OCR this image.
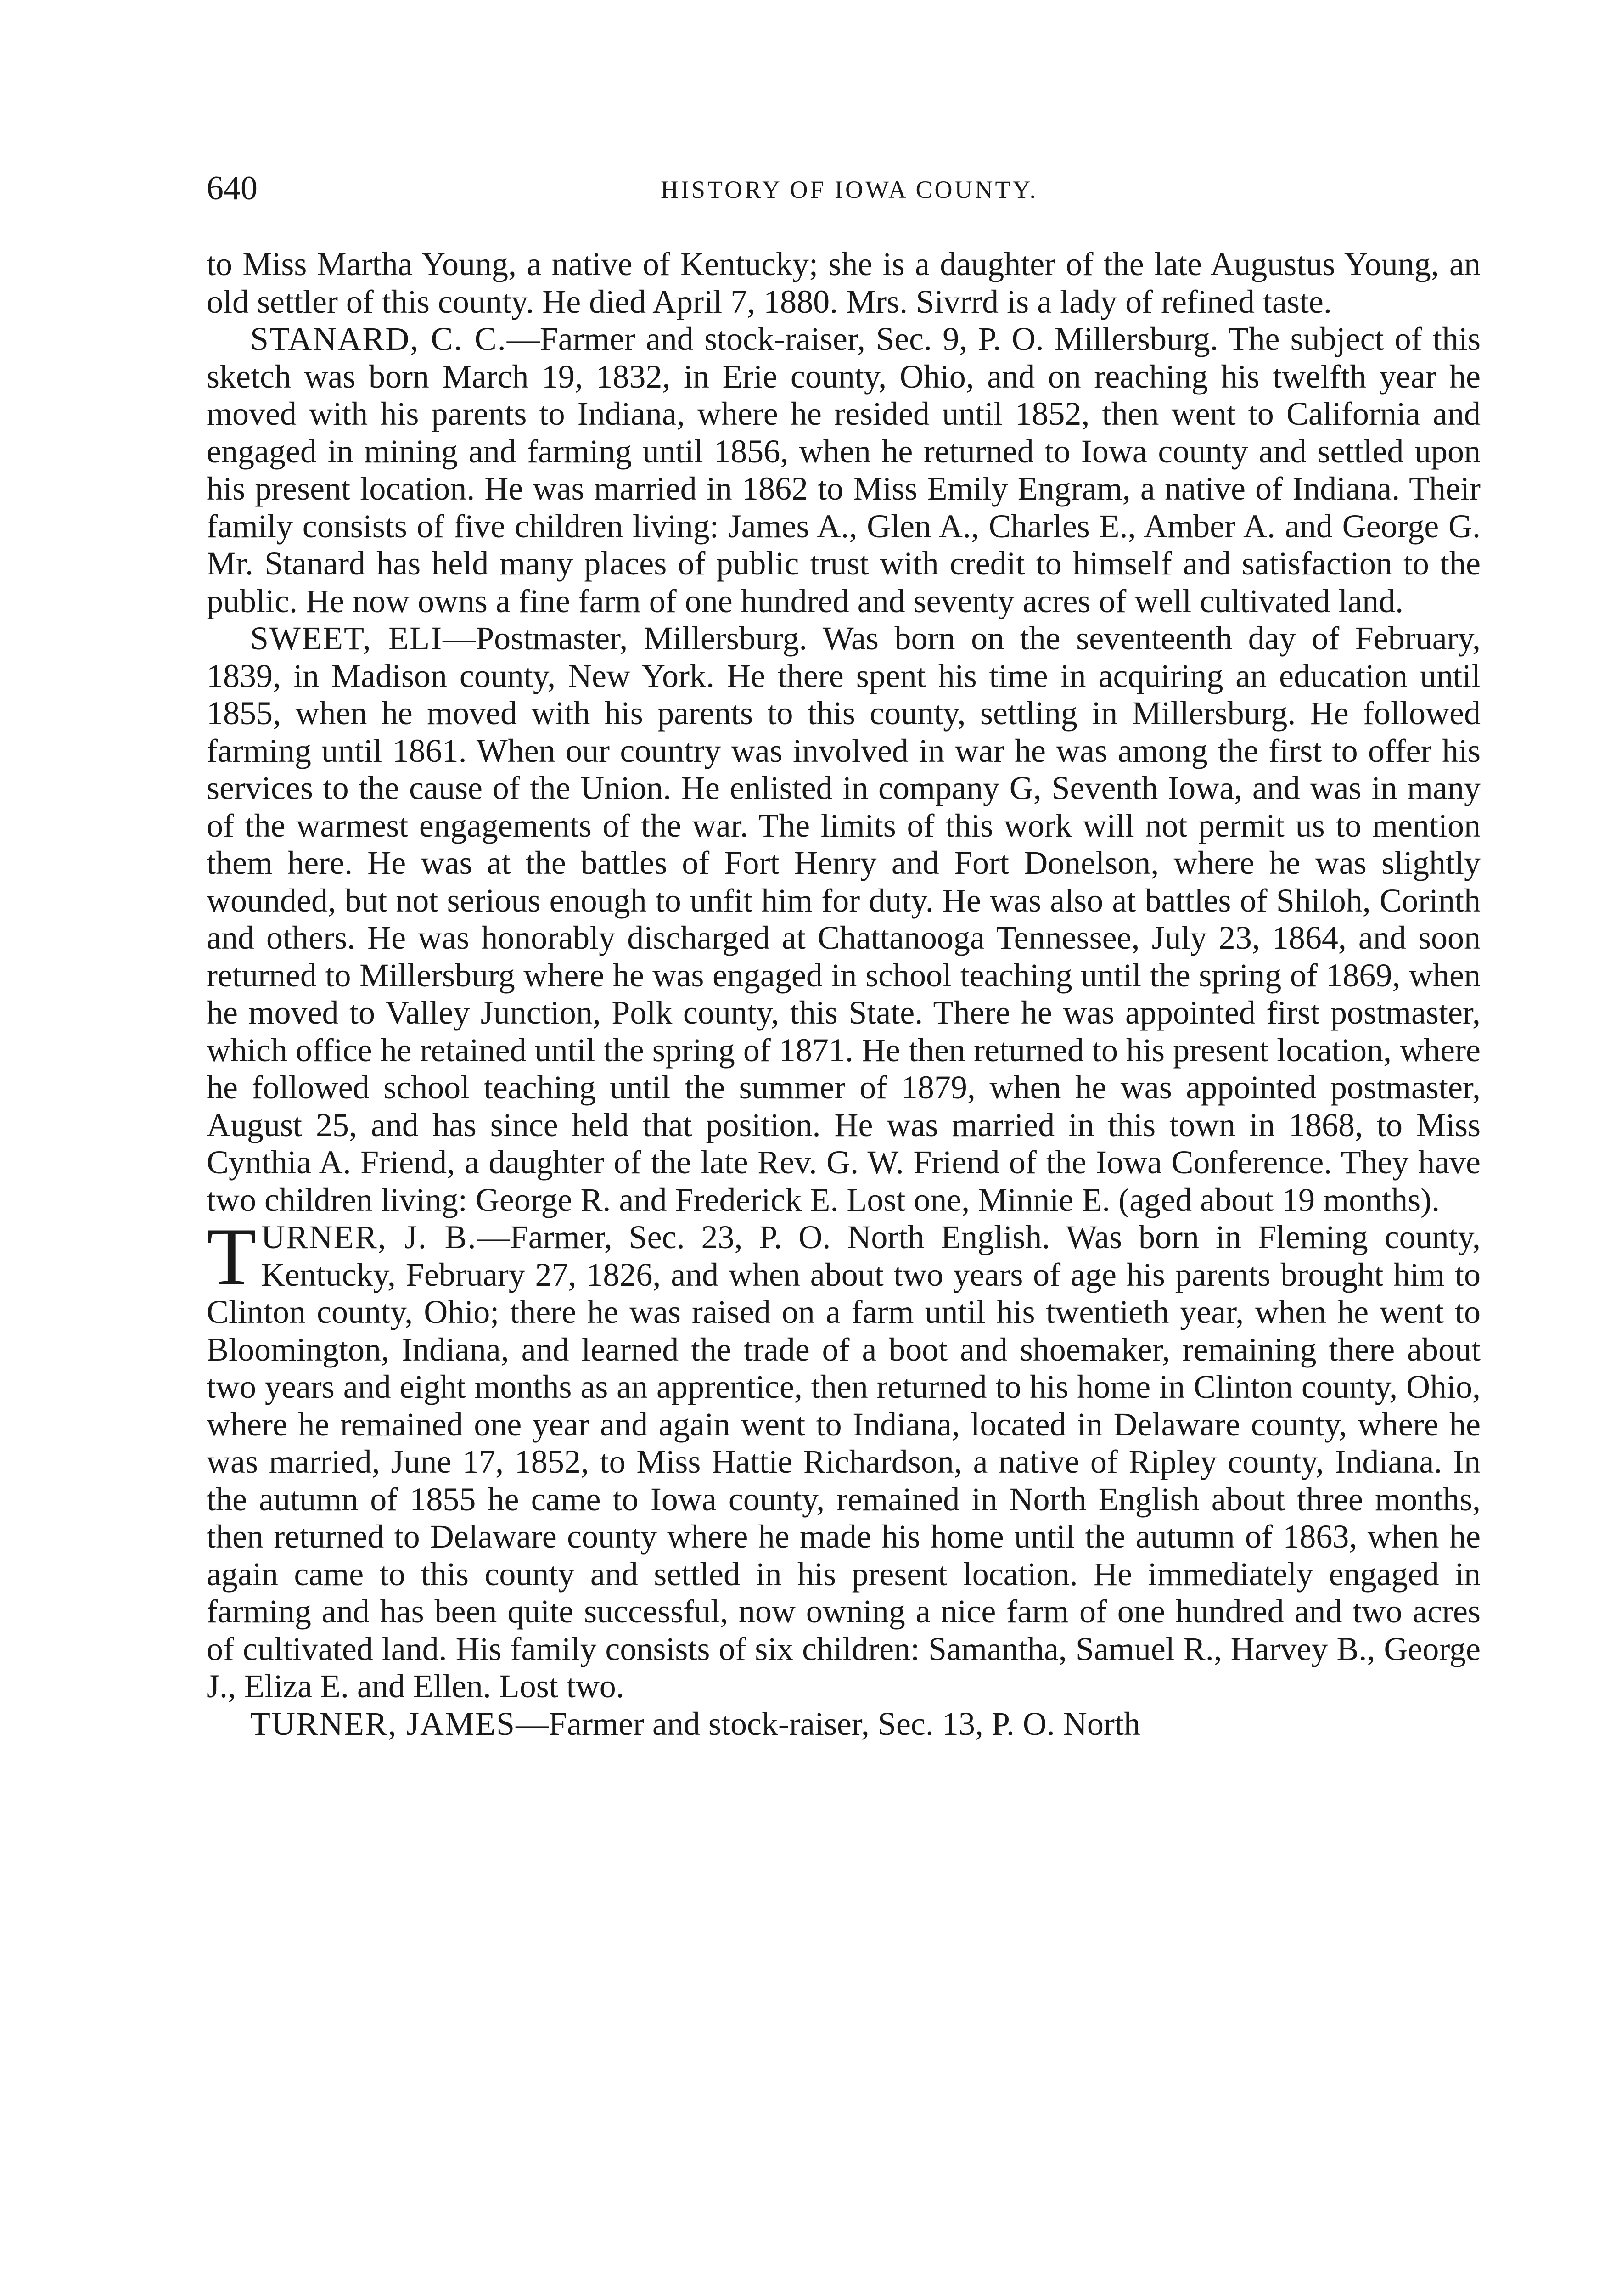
640	HISTORY OF IOWA COUNTY.

to Miss Martha Young, a native of Kentucky; she is a daughter of the late Augustus Young, an old settler of this county. He died April 7, 1880. Mrs. Sivrrd is a lady of refined taste.

STANARD, C. C.—Farmer and stock-raiser, Sec. 9, P. O. Millersburg. The subject of this sketch was born March 19, 1832, in Erie county, Ohio, and on reaching his twelfth year he moved with his parents to Indiana, where he resided until 1852, then went to California and engaged in mining and farming until 1856, when he returned to Iowa county and settled upon his present location. He was married in 1862 to Miss Emily Engram, a native of Indiana. Their family consists of five children living: James A., Glen A., Charles E., Amber A. and George G. Mr. Stanard has held many places of public trust with credit to himself and satisfaction to the public. He now owns a fine farm of one hundred and seventy acres of well cultivated land.

SWEET, ELI—Postmaster, Millersburg. Was born on the seventeenth day of February, 1839, in Madison county, New York. He there spent his time in acquiring an education until 1855, when he moved with his parents to this county, settling in Millersburg. He followed farming until 1861. When our country was involved in war he was among the first to offer his services to the cause of the Union. He enlisted in company G, Seventh Iowa, and was in many of the warmest engagements of the war. The limits of this work will not permit us to mention them here. He was at the battles of Fort Henry and Fort Donelson, where he was slightly wounded, but not serious enough to unfit him for duty. He was also at battles of Shiloh, Corinth and others. He was honorably discharged at Chattanooga Tennessee, July 23, 1864, and soon returned to Millersburg where he was engaged in school teaching until the spring of 1869, when he moved to Valley Junction, Polk county, this State. There he was appointed first postmaster, which office he retained until the spring of 1871. He then returned to his present location, where he followed school teaching until the summer of 1879, when he was appointed postmaster, August 25, and has since held that position. He was married in this town in 1868, to Miss Cynthia A. Friend, a daughter of the late Rev. G. W. Friend of the Iowa Conference. They have two children living: George R. and Frederick E. Lost one, Minnie E. (aged about 19 months).

TURNER, J. B.—Farmer, Sec. 23, P. O. North English. Was born in Fleming county, Kentucky, February 27, 1826, and when about two years of age his parents brought him to Clinton county, Ohio; there he was raised on a farm until his twentieth year, when he went to Bloomington, Indiana, and learned the trade of a boot and shoemaker, remaining there about two years and eight months as an apprentice, then returned to his home in Clinton county, Ohio, where he remained one year and again went to Indiana, located in Delaware county, where he was married, June 17, 1852, to Miss Hattie Richardson, a native of Ripley county, Indiana. In the autumn of 1855 he came to Iowa county, remained in North English about three months, then returned to Delaware county where he made his home until the autumn of 1863, when he again came to this county and settled in his present location. He immediately engaged in farming and has been quite successful, now owning a nice farm of one hundred and two acres of cultivated land. His family consists of six children: Samantha, Samuel R., Harvey B., George J., Eliza E. and Ellen. Lost two.

TURNER, JAMES—Farmer and stock-raiser, Sec. 13, P. O. North
